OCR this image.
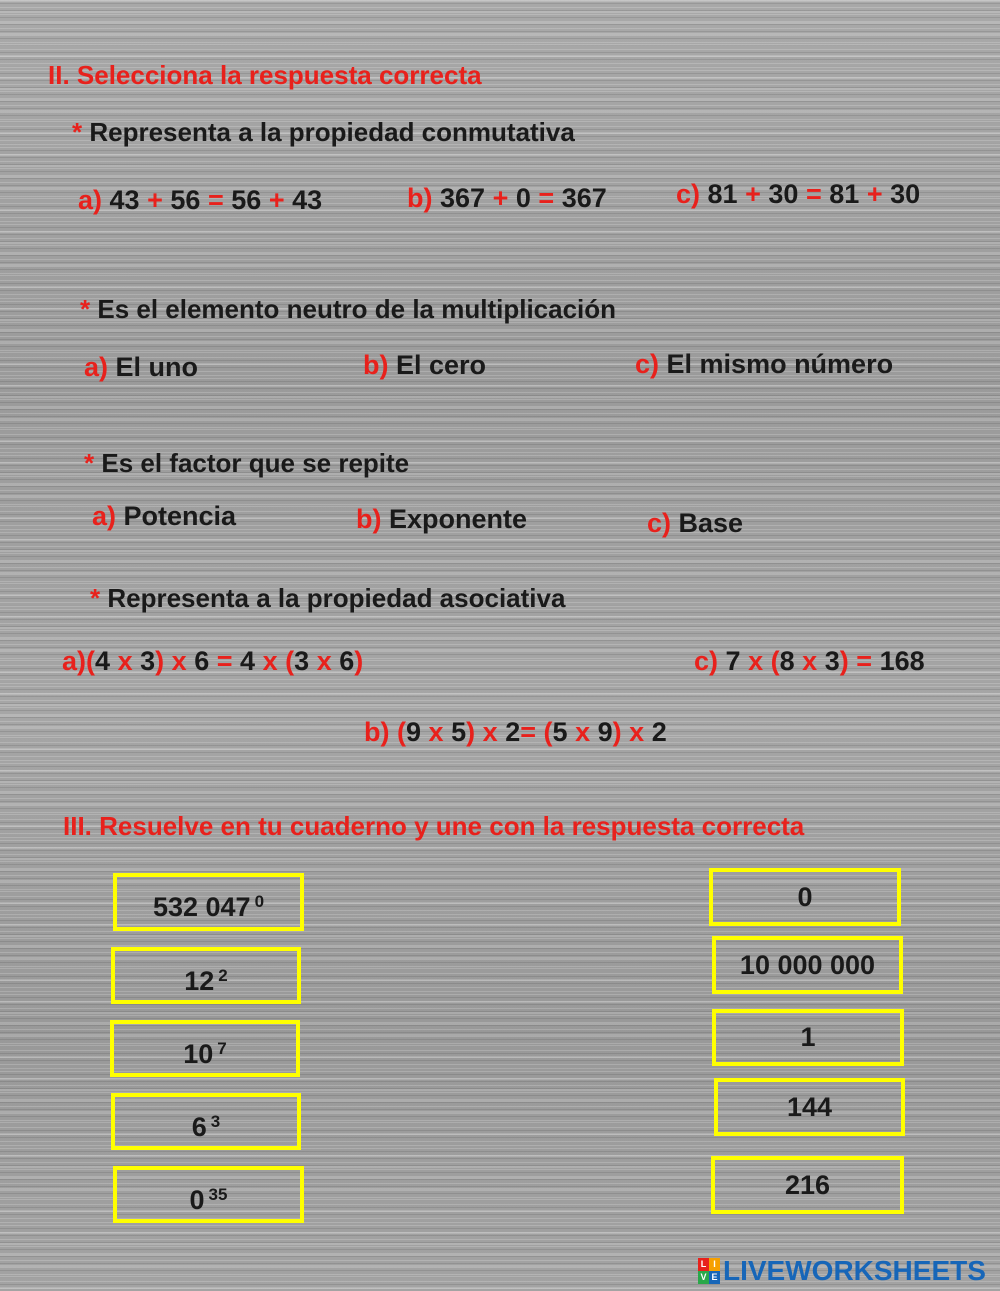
II. Selecciona la respuesta correcta
* Representa a la propiedad conmutativa
a) 43 + 56 = 56 + 43	b) 367 + 0 = 367	c) 81 + 30 = 81 + 30
* Es el elemento neutro de la multiplicación
a) El uno	b) El cero	c) El mismo número
* Es el factor que se repite
a) Potencia	b) Exponente	c) Base
* Representa a la propiedad asociativa
a)(4 x 3) x 6 = 4 x (3 x 6)	c) 7 x (8 x 3) = 168
b) (9 x 5) x 2= (5 x 9) x 2
III. Resuelve en tu cuaderno y une con la respuesta correcta
532 047 $^0$
12 $^2$
10 $^7$
6 $^3$
0 $^{35}$
0
10 000 000
1
144
216
L I
V E LIVEWORKSHEETS
